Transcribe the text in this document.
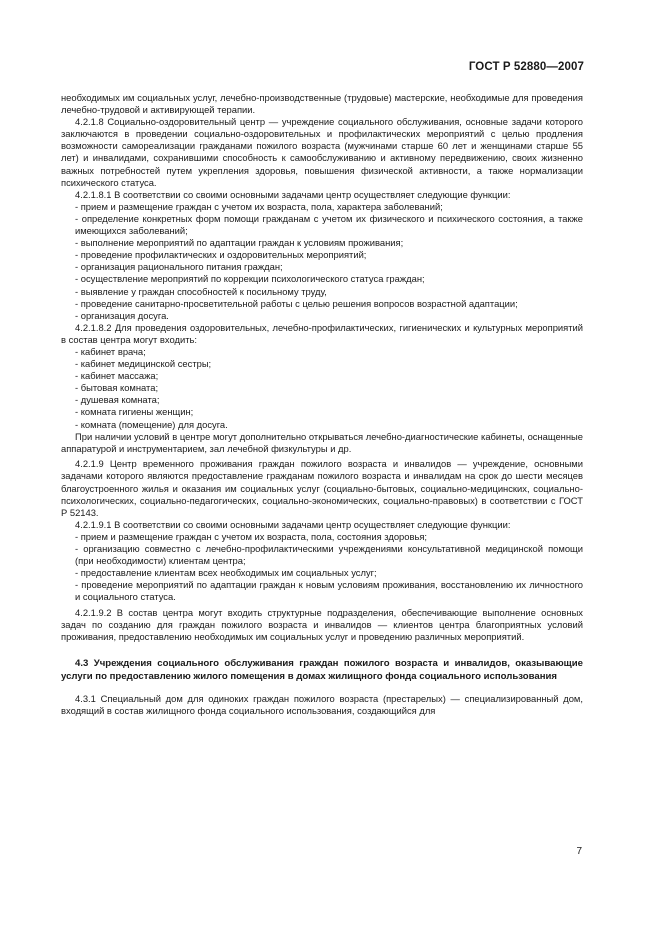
ГОСТ Р 52880—2007

необходимых им социальных услуг, лечебно-производственные (трудовые) мастерские, необходимые для проведения лечебно-трудовой и активирующей терапии.

4.2.1.8 Социально-оздоровительный центр — учреждение социального обслуживания, основные задачи которого заключаются в проведении социально-оздоровительных и профилактических мероприятий с целью продления возможности самореализации гражданами пожилого возраста (мужчинами старше 60 лет и женщинами старше 55 лет) и инвалидами, сохранившими способность к самообслуживанию и активному передвижению, своих жизненно важных потребностей путем укрепления здоровья, повышения физической активности, а также нормализации психического статуса.

4.2.1.8.1 В соответствии со своими основными задачами центр осуществляет следующие функции:

- прием и размещение граждан с учетом их возраста, пола, характера заболеваний;

- определение конкретных форм помощи гражданам с учетом их физического и психического состояния, а также имеющихся заболеваний;

- выполнение мероприятий по адаптации граждан к условиям проживания;

- проведение профилактических и оздоровительных мероприятий;

- организация рационального питания граждан;

- осуществление мероприятий по коррекции психологического статуса граждан;

- выявление у граждан способностей к посильному труду,

- проведение санитарно-просветительной работы с целью решения вопросов возрастной адаптации;

- организация досуга.

4.2.1.8.2 Для проведения оздоровительных, лечебно-профилактических, гигиенических и культурных мероприятий в состав центра могут входить:

- кабинет врача;

- кабинет медицинской сестры;

- кабинет массажа;

- бытовая комната;

- душевая комната;

- комната гигиены женщин;

- комната (помещение) для досуга.

При наличии условий в центре могут дополнительно открываться лечебно-диагностические кабинеты, оснащенные аппаратурой и инструментарием, зал лечебной физкультуры и др.

4.2.1.9 Центр временного проживания граждан пожилого возраста и инвалидов — учреждение, основными задачами которого являются предоставление гражданам пожилого возраста и инвалидам на срок до шести месяцев благоустроенного жилья и оказания им социальных услуг (социально-бытовых, социально-медицинских, социально-психологических, социально-педагогических, социально-экономических, социально-правовых) в соответствии с ГОСТ Р 52143.

4.2.1.9.1 В соответствии со своими основными задачами центр осуществляет следующие функции:

- прием и размещение граждан с учетом их возраста, пола, состояния здоровья;

- организацию совместно с лечебно-профилактическими учреждениями консультативной медицинской помощи (при необходимости) клиентам центра;

- предоставление клиентам всех необходимых им социальных услуг;

- проведение мероприятий по адаптации граждан к новым условиям проживания, восстановлению их личностного и социального статуса.

4.2.1.9.2 В состав центра могут входить структурные подразделения, обеспечивающие выполнение основных задач по созданию для граждан пожилого возраста и инвалидов — клиентов центра благоприятных условий проживания, предоставлению необходимых им социальных услуг и проведению различных мероприятий.

4.3 Учреждения социального обслуживания граждан пожилого возраста и инвалидов, оказывающие услуги по предоставлению жилого помещения в домах жилищного фонда социального использования

4.3.1 Специальный дом для одиноких граждан пожилого возраста (престарелых) — специализированный дом, входящий в состав жилищного фонда социального использования, создающийся для

7
